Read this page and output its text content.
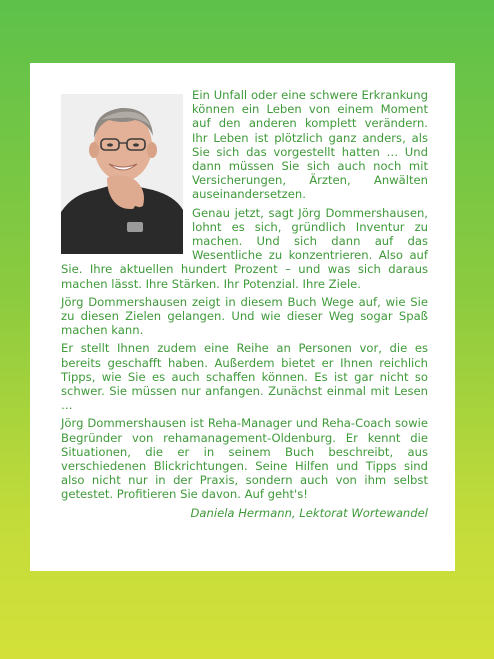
Ein Unfall oder eine schwere Erkrankung können ein Leben von einem Moment auf den anderen komplett verändern. Ihr Leben ist plötzlich ganz anders, als Sie sich das vorgestellt hatten … Und dann müssen Sie sich auch noch mit Versicherungen, Ärzten, Anwälten auseinandersetzen.

Genau jetzt, sagt Jörg Dommershausen, lohnt es sich, gründlich Inventur zu machen. Und sich dann auf das Wesentliche zu konzentrieren. Also auf Sie. Ihre aktuellen hundert Prozent – und was sich daraus machen lässt. Ihre Stärken. Ihr Potenzial. Ihre Ziele.

Jörg Dommershausen zeigt in diesem Buch Wege auf, wie Sie zu diesen Zielen gelangen. Und wie dieser Weg sogar Spaß machen kann.

Er stellt Ihnen zudem eine Reihe an Personen vor, die es bereits geschafft haben. Außerdem bietet er Ihnen reichlich Tipps, wie Sie es auch schaffen können. Es ist gar nicht so schwer. Sie müssen nur anfangen. Zunächst einmal mit Lesen …

Jörg Dommershausen ist Reha-Manager und Reha-Coach sowie Begründer von rehamanagement-Oldenburg. Er kennt die Situationen, die er in seinem Buch beschreibt, aus verschiedenen Blickrichtungen. Seine Hilfen und Tipps sind also nicht nur in der Praxis, sondern auch von ihm selbst getestet. Profitieren Sie davon. Auf geht's!

Daniela Hermann, Lektorat Wortewandel
